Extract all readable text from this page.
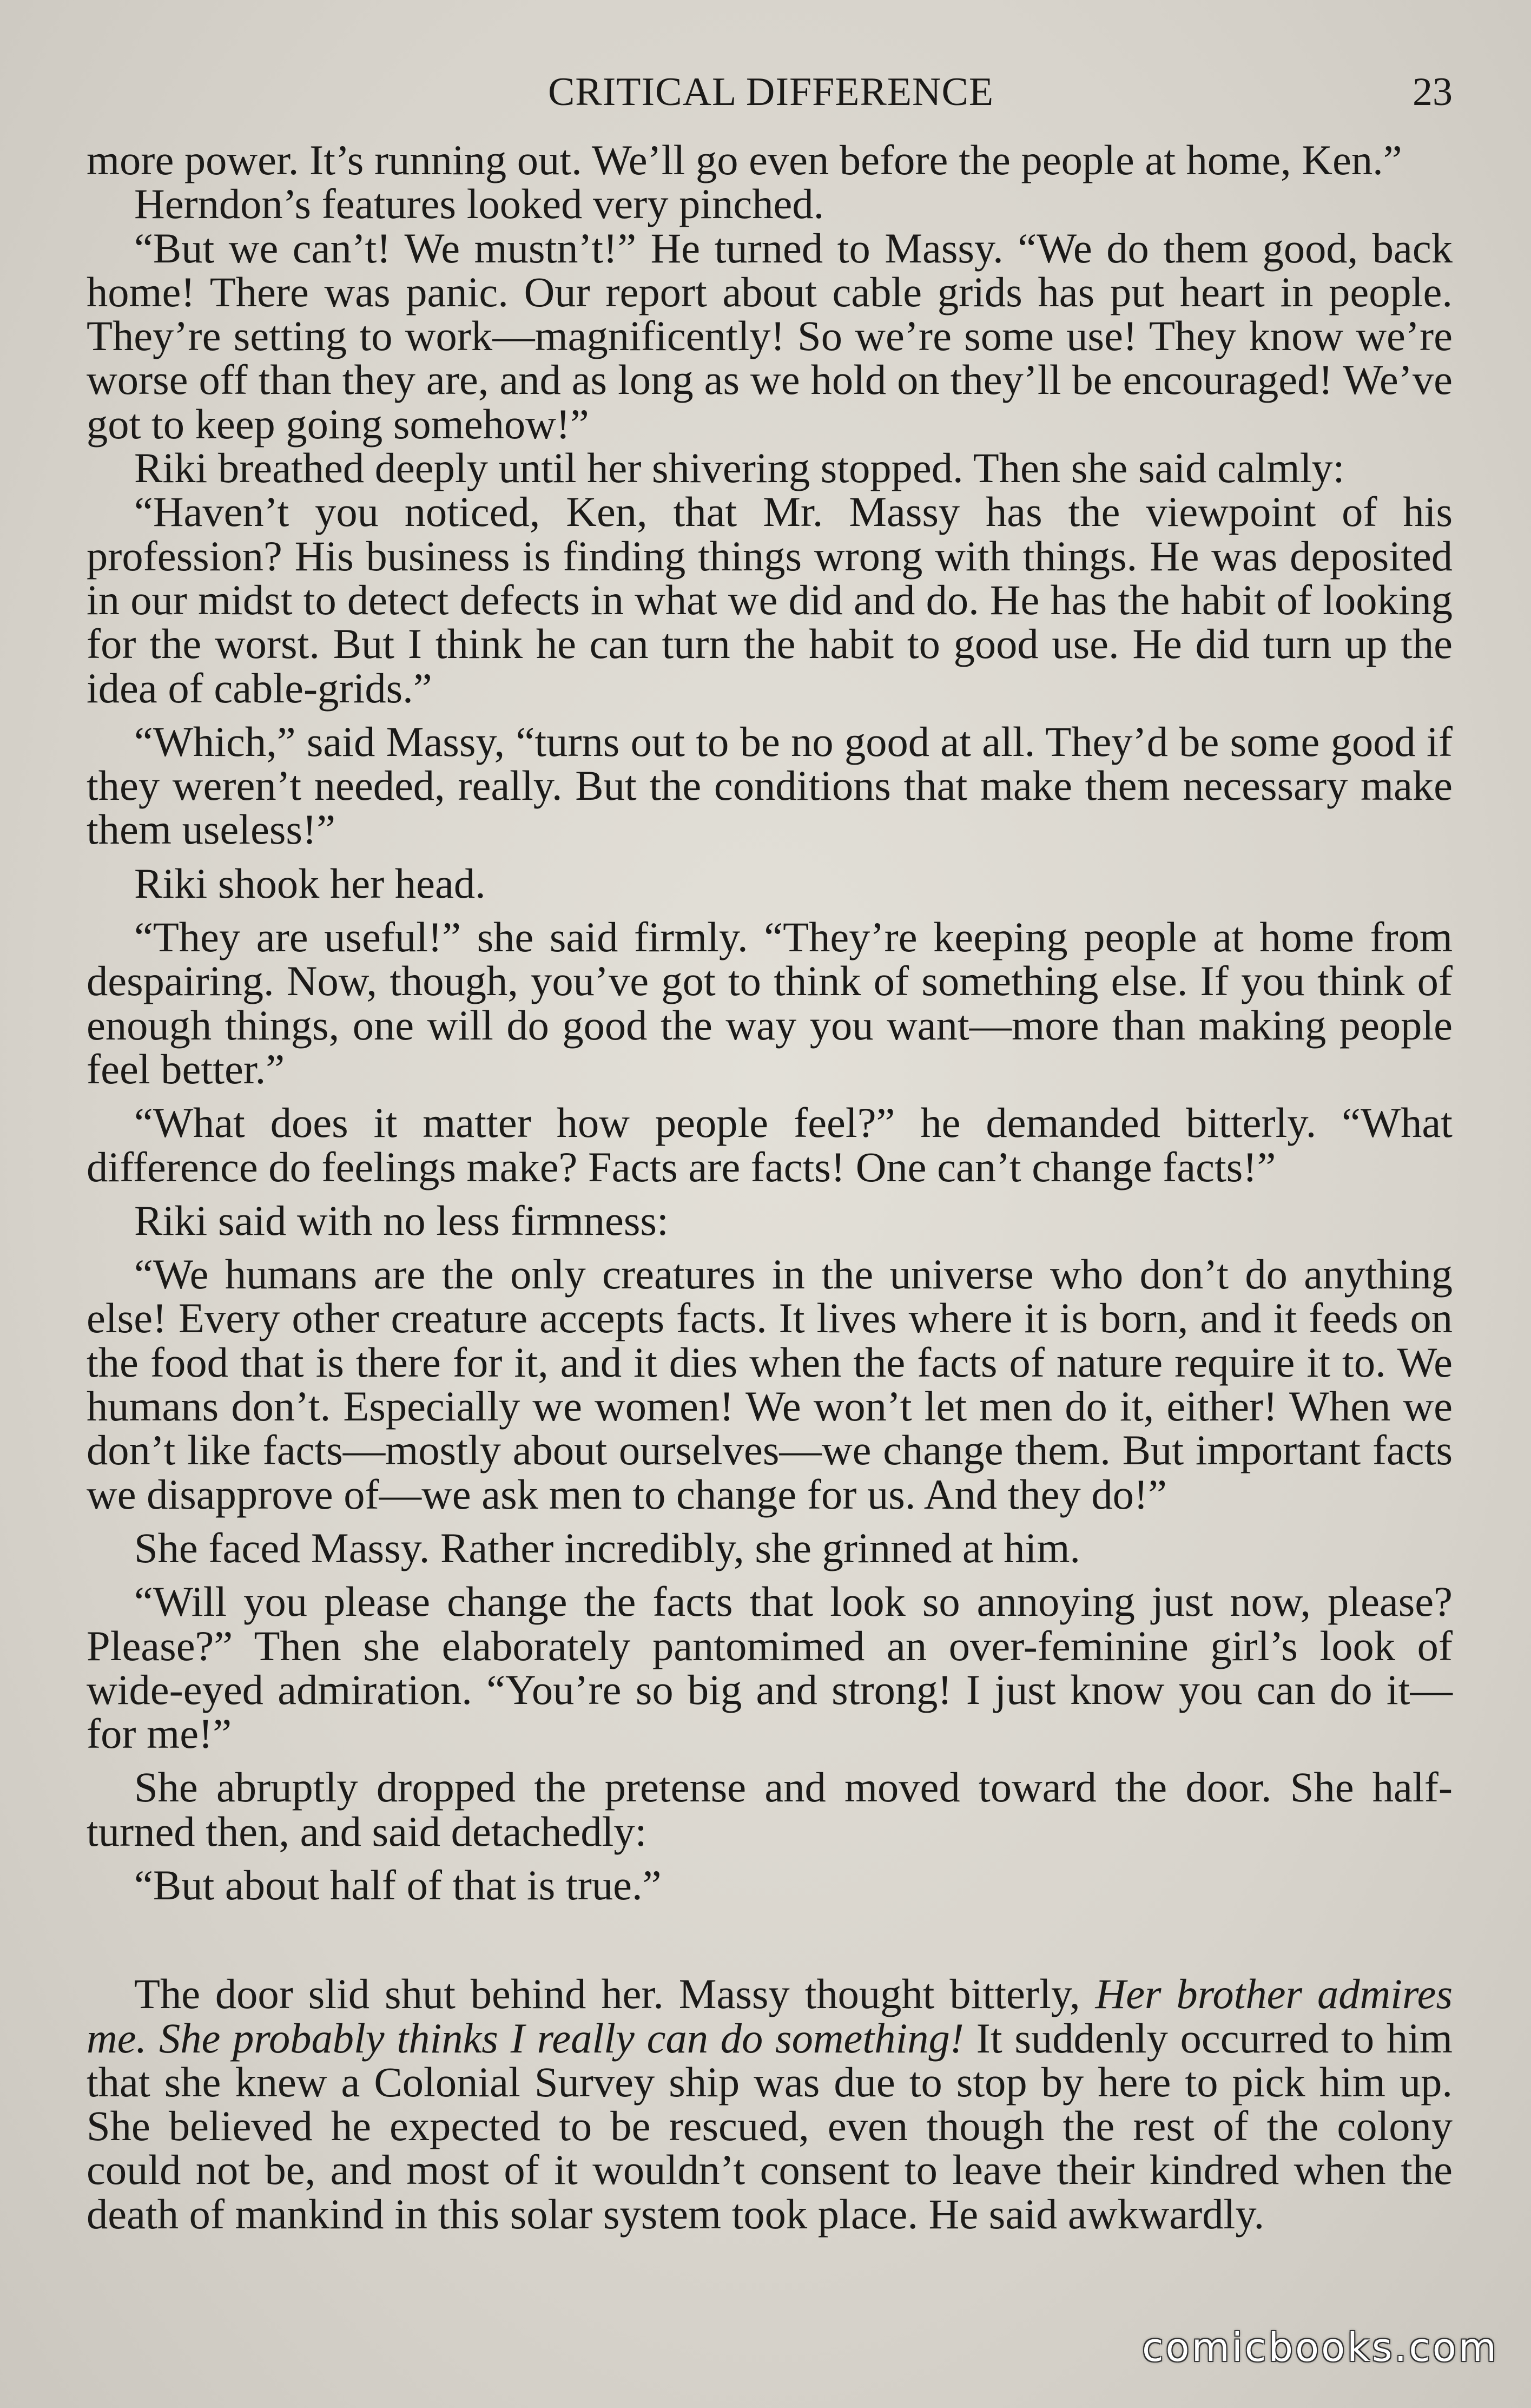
CRITICAL DIFFERENCE	23

more power. It’s running out. We’ll go even before the people at home, Ken.”

Herndon’s features looked very pinched.

“But we can’t! We mustn’t!” He turned to Massy. “We do them good, back home! There was panic. Our report about cable grids has put heart in people. They’re setting to work—magnificently! So we’re some use! They know we’re worse off than they are, and as long as we hold on they’ll be encouraged! We’ve got to keep going somehow!”

Riki breathed deeply until her shivering stopped. Then she said calmly:

“Haven’t you noticed, Ken, that Mr. Massy has the viewpoint of his profession? His business is finding things wrong with things. He was deposited in our midst to detect defects in what we did and do. He has the habit of looking for the worst. But I think he can turn the habit to good use. He did turn up the idea of cable-grids.”

“Which,” said Massy, “turns out to be no good at all. They’d be some good if they weren’t needed, really. But the conditions that make them necessary make them useless!”

Riki shook her head.

“They are useful!” she said firmly. “They’re keeping people at home from despairing. Now, though, you’ve got to think of something else. If you think of enough things, one will do good the way you want—more than making people feel better.”

“What does it matter how people feel?” he demanded bitterly. “What difference do feelings make? Facts are facts! One can’t change facts!”

Riki said with no less firmness:

“We humans are the only creatures in the universe who don’t do anything else! Every other creature accepts facts. It lives where it is born, and it feeds on the food that is there for it, and it dies when the facts of nature require it to. We humans don’t. Especially we women! We won’t let men do it, either! When we don’t like facts—mostly about ourselves—we change them. But important facts we disapprove of—we ask men to change for us. And they do!”

She faced Massy. Rather incredibly, she grinned at him.

“Will you please change the facts that look so annoying just now, please? Please?” Then she elaborately pantomimed an over-feminine girl’s look of wide-eyed admiration. “You’re so big and strong! I just know you can do it—for me!”

She abruptly dropped the pretense and moved toward the door. She half-turned then, and said detachedly:

“But about half of that is true.”

The door slid shut behind her. Massy thought bitterly, Her brother admires me. She probably thinks I really can do something! It suddenly occurred to him that she knew a Colonial Survey ship was due to stop by here to pick him up. She believed he expected to be rescued, even though the rest of the colony could not be, and most of it wouldn’t consent to leave their kindred when the death of mankind in this solar system took place. He said awkwardly.

comicbooks.com
